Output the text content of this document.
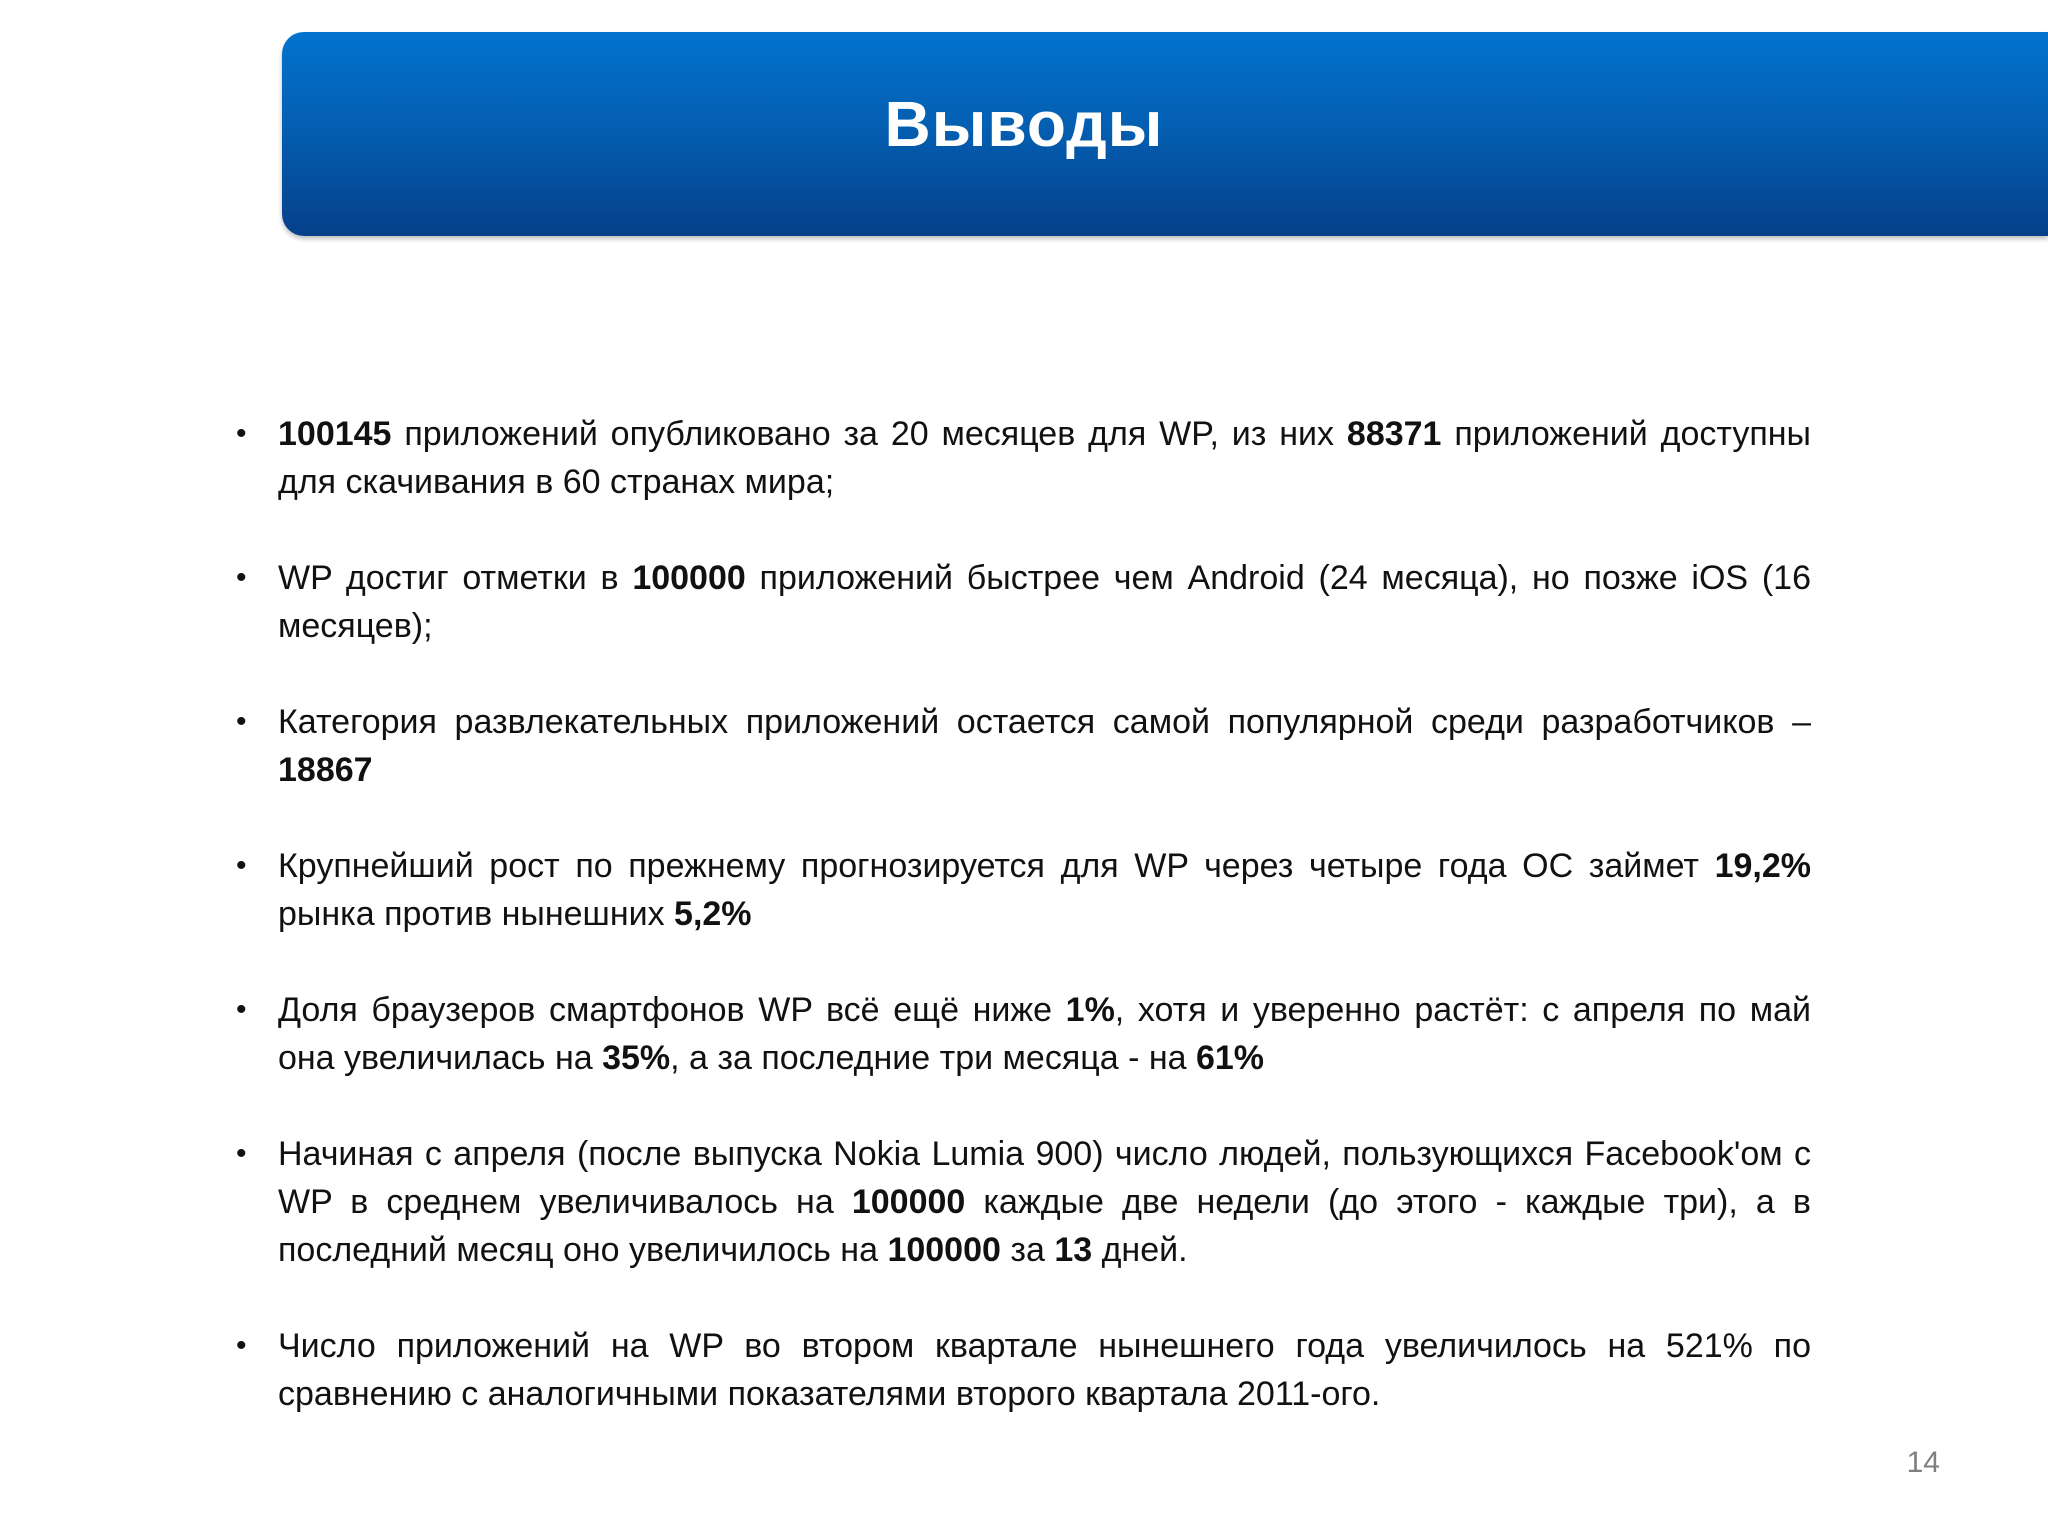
Выводы
• 100145 приложений опубликовано за 20 месяцев для WP, из них 88371 приложений доступны для скачивания в 60 странах мира;
• WP достиг отметки в 100000 приложений быстрее чем Android (24 месяца), но позже iOS (16 месяцев);
• Категория развлекательных приложений остается самой популярной среди разработчиков – 18867
• Крупнейший рост по прежнему прогнозируется для WP через четыре года ОС займет 19,2% рынка против нынешних 5,2%
• Доля браузеров смартфонов WP всё ещё ниже 1%, хотя и уверенно растёт: с апреля по май она увеличилась на 35%, а за последние три месяца - на 61%
• Начиная с апреля (после выпуска Nokia Lumia 900) число людей, пользующихся Facebook'ом с WP в среднем увеличивалось на 100000 каждые две недели (до этого - каждые три), а в последний месяц оно увеличилось на 100000 за 13 дней.
• Число приложений на WP во втором квартале нынешнего года увеличилось на 521% по сравнению с аналогичными показателями второго квартала 2011-ого.
14
